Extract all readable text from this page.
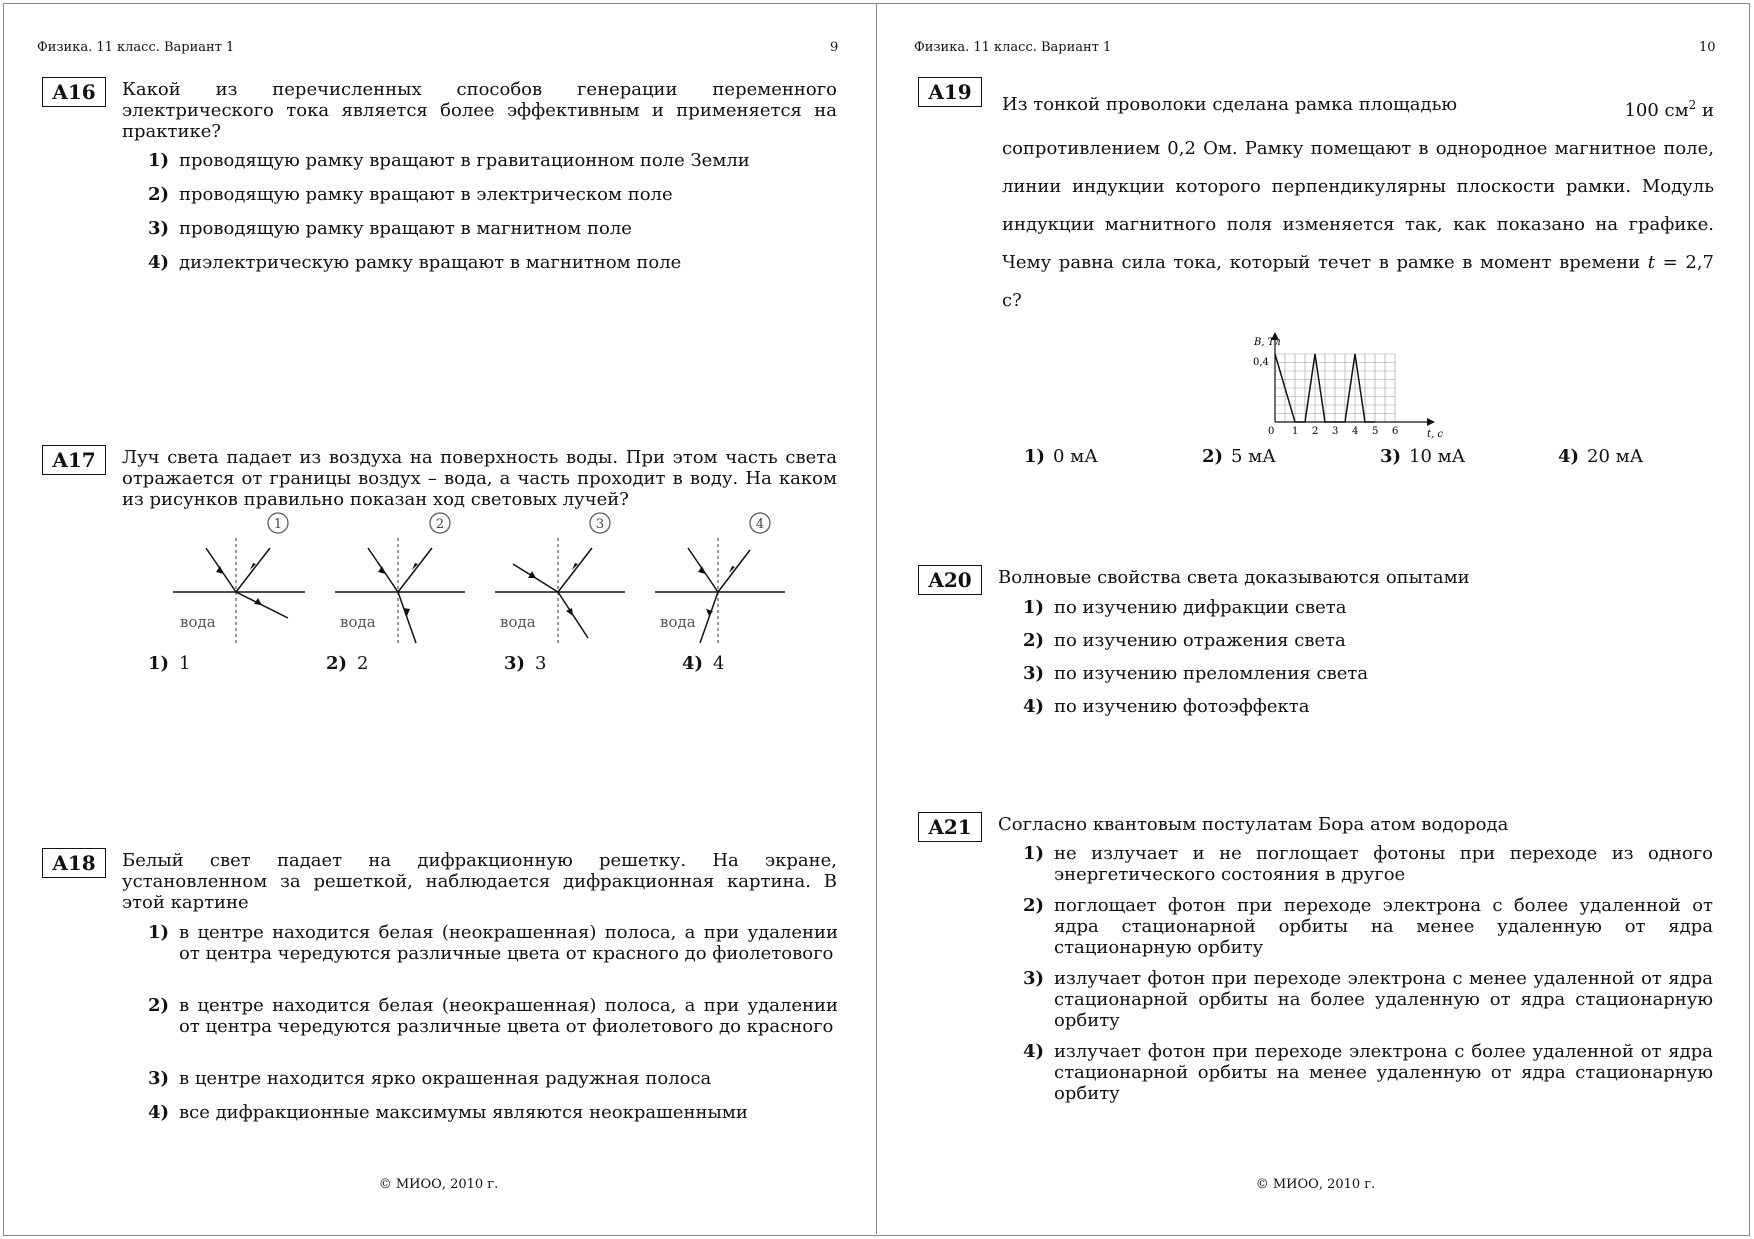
Физика. 11 класс. Вариант 1	9
A16	Какой из перечисленных способов генерации переменного электрического тока является более эффективным и применяется на практике?
1) проводящую рамку вращают в гравитационном поле Земли
2) проводящую рамку вращают в электрическом поле
3) проводящую рамку вращают в магнитном поле
4) диэлектрическую рамку вращают в магнитном поле
A17	Луч света падает из воздуха на поверхность воды. При этом часть света отражается от границы воздух – вода, а часть проходит в воду. На каком из рисунков правильно показан ход световых лучей?
1
вода
2
вода
3
вода
4
вода
1) 1	2) 2	3) 3	4) 4
A18	Белый свет падает на дифракционную решетку. На экране, установленном за решеткой, наблюдается дифракционная картина. В этой картине
1) в центре находится белая (неокрашенная) полоса, а при удалении от центра чередуются различные цвета от красного до фиолетового
2) в центре находится белая (неокрашенная) полоса, а при удалении от центра чередуются различные цвета от фиолетового до красного
3) в центре находится ярко окрашенная радужная полоса
4) все дифракционные максимумы являются неокрашенными
© МИОО, 2010 г.
Физика. 11 класс. Вариант 1	10
A19
Из тонкой проволоки сделана рамка площадью	100 $см^2$ и
сопротивлением 0,2 Ом. Рамку помещают в однородное магнитное поле, линии индукции которого перпендикулярны плоскости рамки. Модуль индукции магнитного поля изменяется так, как показано на графике. Чему равна сила тока, который течет в рамке в момент времени t = 2,7 с?
B, Тл
0,4
t, с
0 1 2 3 4 5 6
1) 0 мА	2) 5 мА	3) 10 мА	4) 20 мА
A20	Волновые свойства света доказываются опытами
1) по изучению дифракции света
2) по изучению отражения света
3) по изучению преломления света
4) по изучению фотоэффекта
A21	Согласно квантовым постулатам Бора атом водорода
1) не излучает и не поглощает фотоны при переходе из одного энергетического состояния в другое
2) поглощает фотон при переходе электрона с более удаленной от ядра стационарной орбиты на менее удаленную от ядра стационарную орбиту
3) излучает фотон при переходе электрона с менее удаленной от ядра стационарной орбиты на более удаленную от ядра стационарную орбиту
4) излучает фотон при переходе электрона с более удаленной от ядра стационарной орбиты на менее удаленную от ядра стационарную орбиту
© МИОО, 2010 г.
